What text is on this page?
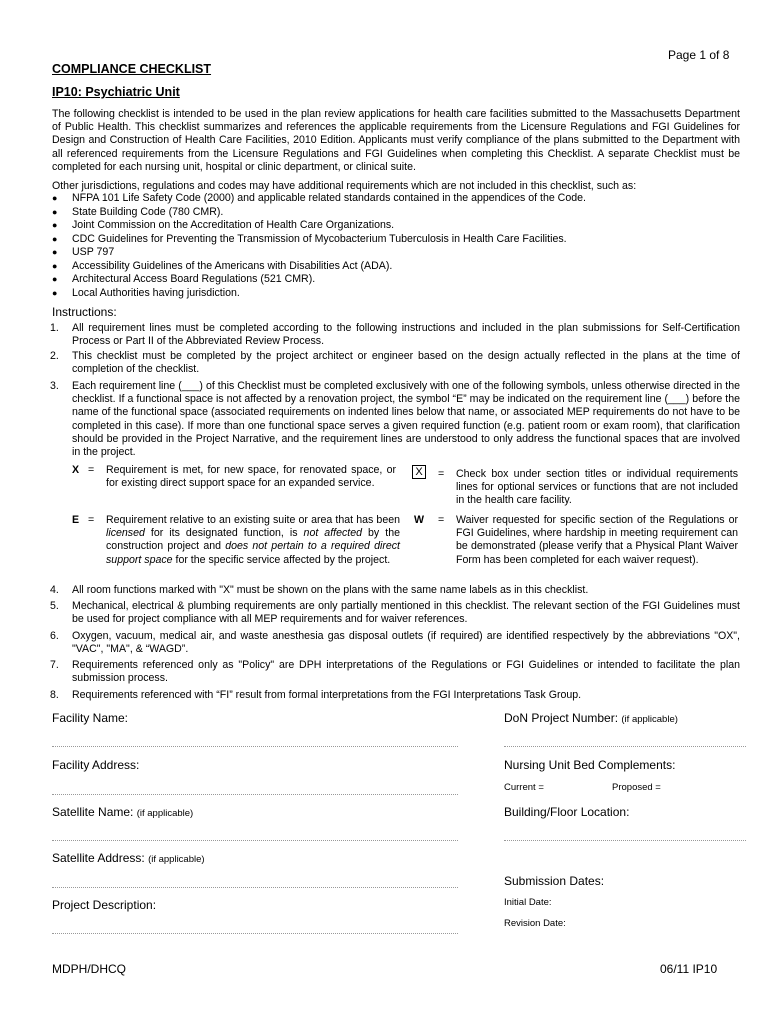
Page 1 of 8
COMPLIANCE CHECKLIST
IP10: Psychiatric Unit
The following checklist is intended to be used in the plan review applications for health care facilities submitted to the Massachusetts Department of Public Health. This checklist summarizes and references the applicable requirements from the Licensure Regulations and FGI Guidelines for Design and Construction of Health Care Facilities, 2010 Edition. Applicants must verify compliance of the plans submitted to the Department with all referenced requirements from the Licensure Regulations and FGI Guidelines when completing this Checklist. A separate Checklist must be completed for each nursing unit, hospital or clinic department, or clinical suite.
Other jurisdictions, regulations and codes may have additional requirements which are not included in this checklist, such as:
● NFPA 101 Life Safety Code (2000) and applicable related standards contained in the appendices of the Code.
● State Building Code (780 CMR).
● Joint Commission on the Accreditation of Health Care Organizations.
● CDC Guidelines for Preventing the Transmission of Mycobacterium Tuberculosis in Health Care Facilities.
● USP 797
● Accessibility Guidelines of the Americans with Disabilities Act (ADA).
● Architectural Access Board Regulations (521 CMR).
● Local Authorities having jurisdiction.
Instructions:
1. All requirement lines must be completed according to the following instructions and included in the plan submissions for Self-Certification Process or Part II of the Abbreviated Review Process.
2. This checklist must be completed by the project architect or engineer based on the design actually reflected in the plans at the time of completion of the checklist.
3. Each requirement line (___) of this Checklist must be completed exclusively with one of the following symbols, unless otherwise directed in the checklist. If a functional space is not affected by a renovation project, the symbol “E” may be indicated on the requirement line (___) before the name of the functional space (associated requirements on indented lines below that name, or associated MEP requirements do not have to be completed in this case). If more than one functional space serves a given required function (e.g. patient room or exam room), that clarification should be provided in the Project Narrative, and the requirement lines are understood to only address the functional spaces that are involved in the project.
X = Requirement is met, for new space, for renovated space, or for existing direct support space for an expanded service.
X	= Check box under section titles or individual requirements lines for optional services or functions that are not included in the health care facility.
E = Requirement relative to an existing suite or area that has been licensed for its designated function, is not affected by the construction project and does not pertain to a required direct support space for the specific service affected by the project.
W = Waiver requested for specific section of the Regulations or FGI Guidelines, where hardship in meeting requirement can be demonstrated (please verify that a Physical Plant Waiver Form has been completed for each waiver request).
4. All room functions marked with "X" must be shown on the plans with the same name labels as in this checklist.
5. Mechanical, electrical & plumbing requirements are only partially mentioned in this checklist. The relevant section of the FGI Guidelines must be used for project compliance with all MEP requirements and for waiver references.
6. Oxygen, vacuum, medical air, and waste anesthesia gas disposal outlets (if required) are identified respectively by the abbreviations "OX", "VAC", "MA", & “WAGD”.
7. Requirements referenced only as "Policy" are DPH interpretations of the Regulations or FGI Guidelines or intended to facilitate the plan submission process.
8. Requirements referenced with “FI” result from formal interpretations from the FGI Interpretations Task Group.
Facility Name:	DoN Project Number: (if applicable)
Facility Address:	Nursing Unit Bed Complements:
Current =	Proposed =
Satellite Name: (if applicable)	Building/Floor Location:
Satellite Address: (if applicable)
Submission Dates:
Initial Date:
Revision Date:
Project Description:
MDPH/DHCQ	06/11 IP10
